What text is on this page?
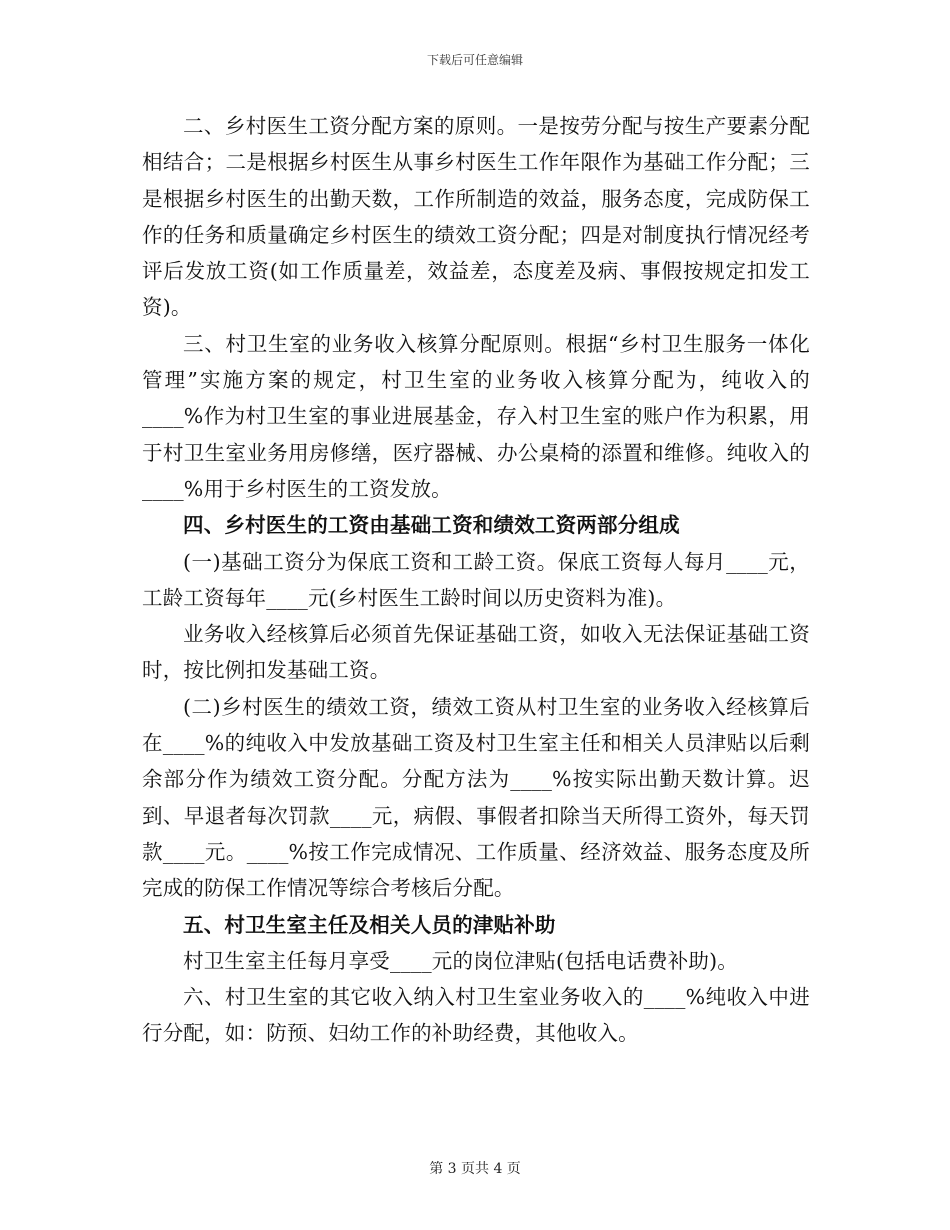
下载后可任意编辑

二、乡村医生工资分配方案的原则。一是按劳分配与按生产要素分配相结合；二是根据乡村医生从事乡村医生工作年限作为基础工作分配；三是根据乡村医生的出勤天数，工作所制造的效益，服务态度，完成防保工作的任务和质量确定乡村医生的绩效工资分配；四是对制度执行情况经考评后发放工资(如工作质量差，效益差，态度差及病、事假按规定扣发工资)。

三、村卫生室的业务收入核算分配原则。根据“乡村卫生服务一体化管理”实施方案的规定，村卫生室的业务收入核算分配为，纯收入的____%作为村卫生室的事业进展基金，存入村卫生室的账户作为积累，用于村卫生室业务用房修缮，医疗器械、办公桌椅的添置和维修。纯收入的____%用于乡村医生的工资发放。

四、乡村医生的工资由基础工资和绩效工资两部分组成

(一)基础工资分为保底工资和工龄工资。保底工资每人每月____元，工龄工资每年____元(乡村医生工龄时间以历史资料为准)。

业务收入经核算后必须首先保证基础工资，如收入无法保证基础工资时，按比例扣发基础工资。

(二)乡村医生的绩效工资，绩效工资从村卫生室的业务收入经核算后在____%的纯收入中发放基础工资及村卫生室主任和相关人员津贴以后剩余部分作为绩效工资分配。分配方法为____%按实际出勤天数计算。迟到、早退者每次罚款____元，病假、事假者扣除当天所得工资外，每天罚款____元。____%按工作完成情况、工作质量、经济效益、服务态度及所完成的防保工作情况等综合考核后分配。

五、村卫生室主任及相关人员的津贴补助

村卫生室主任每月享受____元的岗位津贴(包括电话费补助)。

六、村卫生室的其它收入纳入村卫生室业务收入的____%纯收入中进行分配，如：防预、妇幼工作的补助经费，其他收入。

第 3 页共 4 页
